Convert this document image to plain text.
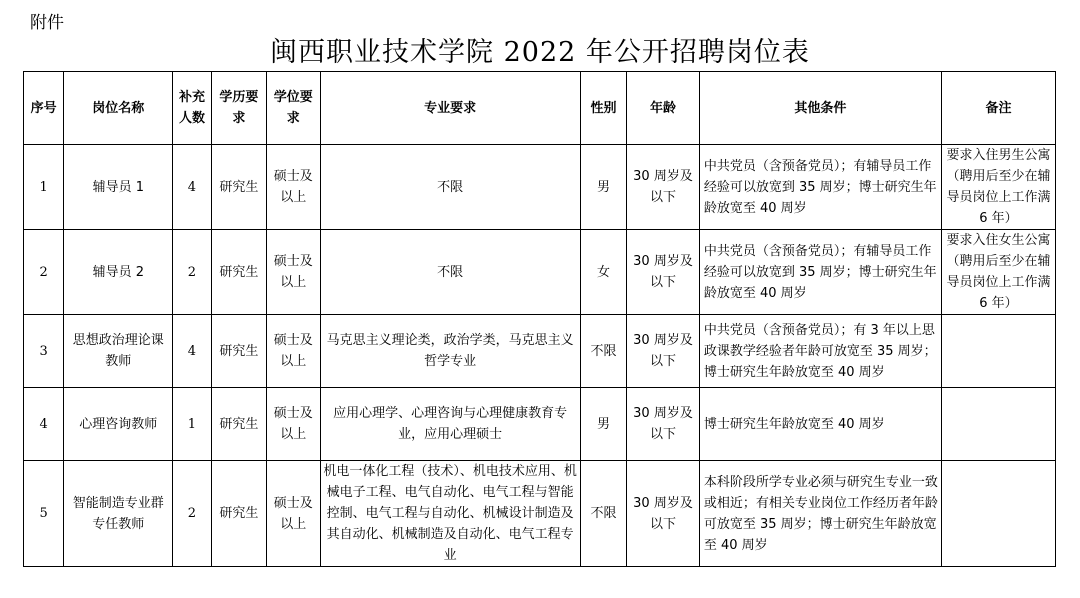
附件
闽西职业技术学院 2022 年公开招聘岗位表
序号	岗位名称	补充人数	学历要求	学位要求	专业要求	性别	年龄	其他条件	备注
1	辅导员 1	4	研究生	硕士及以上	不限	男	30 周岁及以下	中共党员（含预备党员）；有辅导员工作经验可以放宽到 35 周岁；博士研究生年龄放宽至 40 周岁	要求入住男生公寓（聘用后至少在辅导员岗位上工作满 6 年）
2	辅导员 2	2	研究生	硕士及以上	不限	女	30 周岁及以下	中共党员（含预备党员）；有辅导员工作经验可以放宽到 35 周岁；博士研究生年龄放宽至 40 周岁	要求入住女生公寓（聘用后至少在辅导员岗位上工作满 6 年）
3	思想政治理论课教师	4	研究生	硕士及以上	马克思主义理论类，政治学类，马克思主义哲学专业	不限	30 周岁及以下	中共党员（含预备党员）；有 3 年以上思政课教学经验者年龄可放宽至 35 周岁；博士研究生年龄放宽至 40 周岁	
4	心理咨询教师	1	研究生	硕士及以上	应用心理学、心理咨询与心理健康教育专业，应用心理硕士	男	30 周岁及以下	博士研究生年龄放宽至 40 周岁	
5	智能制造专业群专任教师	2	研究生	硕士及以上	机电一体化工程（技术）、机电技术应用、机械电子工程、电气自动化、电气工程与智能控制、电气工程与自动化、机械设计制造及其自动化、机械制造及自动化、电气工程专业	不限	30 周岁及以下	本科阶段所学专业必须与研究生专业一致或相近；有相关专业岗位工作经历者年龄可放宽至 35 周岁；博士研究生年龄放宽至 40 周岁	
